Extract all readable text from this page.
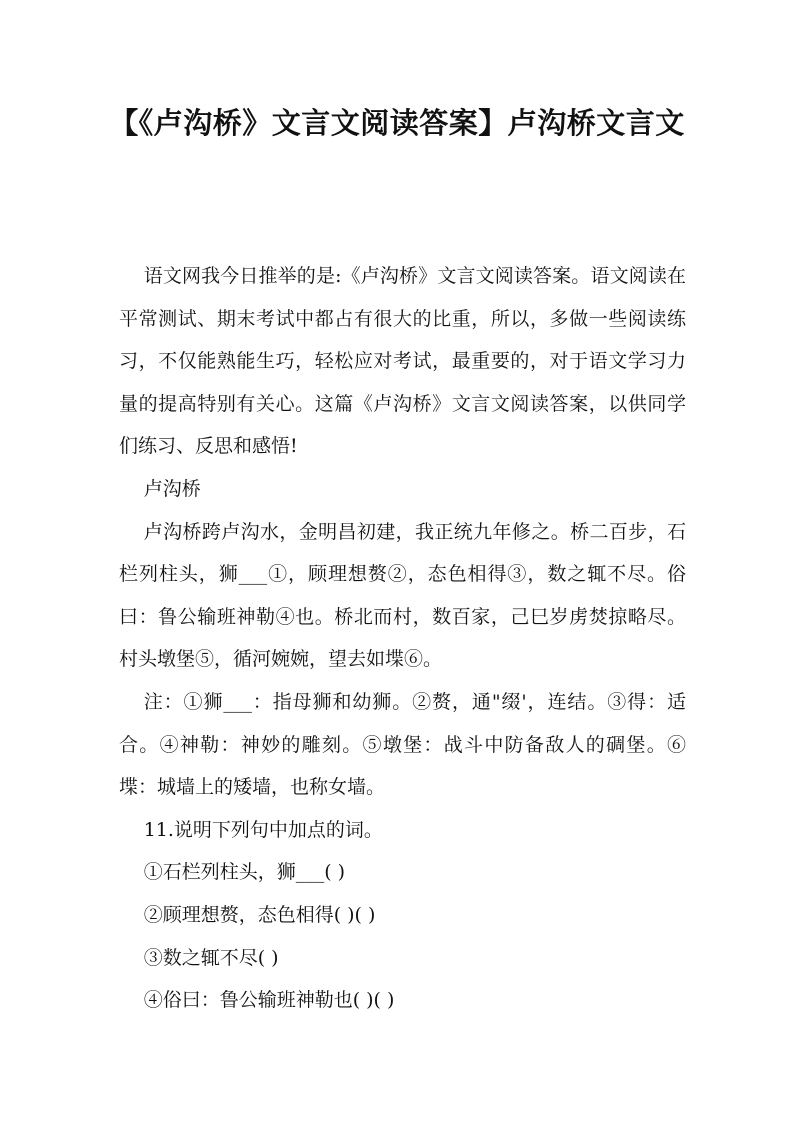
【《卢沟桥》文言文阅读答案】卢沟桥文言文

语文网我今日推举的是:《卢沟桥》文言文阅读答案。语文阅读在平常测试、期末考试中都占有很大的比重，所以，多做一些阅读练习，不仅能熟能生巧，轻松应对考试，最重要的，对于语文学习力量的提高特别有关心。这篇《卢沟桥》文言文阅读答案，以供同学们练习、反思和感悟!

卢沟桥

卢沟桥跨卢沟水，金明昌初建，我正统九年修之。桥二百步，石栏列柱头，狮___①，顾理想赘②，态色相得③，数之辄不尽。俗曰：鲁公输班神勒④也。桥北而村，数百家，己巳岁虏焚掠略尽。村头墩堡⑤，循河婉婉，望去如堞⑥。

注：①狮___：指母狮和幼狮。②赘，通"缀'，连结。③得：适合。④神勒：神妙的雕刻。⑤墩堡：战斗中防备敌人的碉堡。⑥堞：城墙上的矮墙，也称女墙。

11.说明下列句中加点的词。

①石栏列柱头，狮___( )

②顾理想赘，态色相得( )( )

③数之辄不尽( )

④俗曰：鲁公输班神勒也( )( )
